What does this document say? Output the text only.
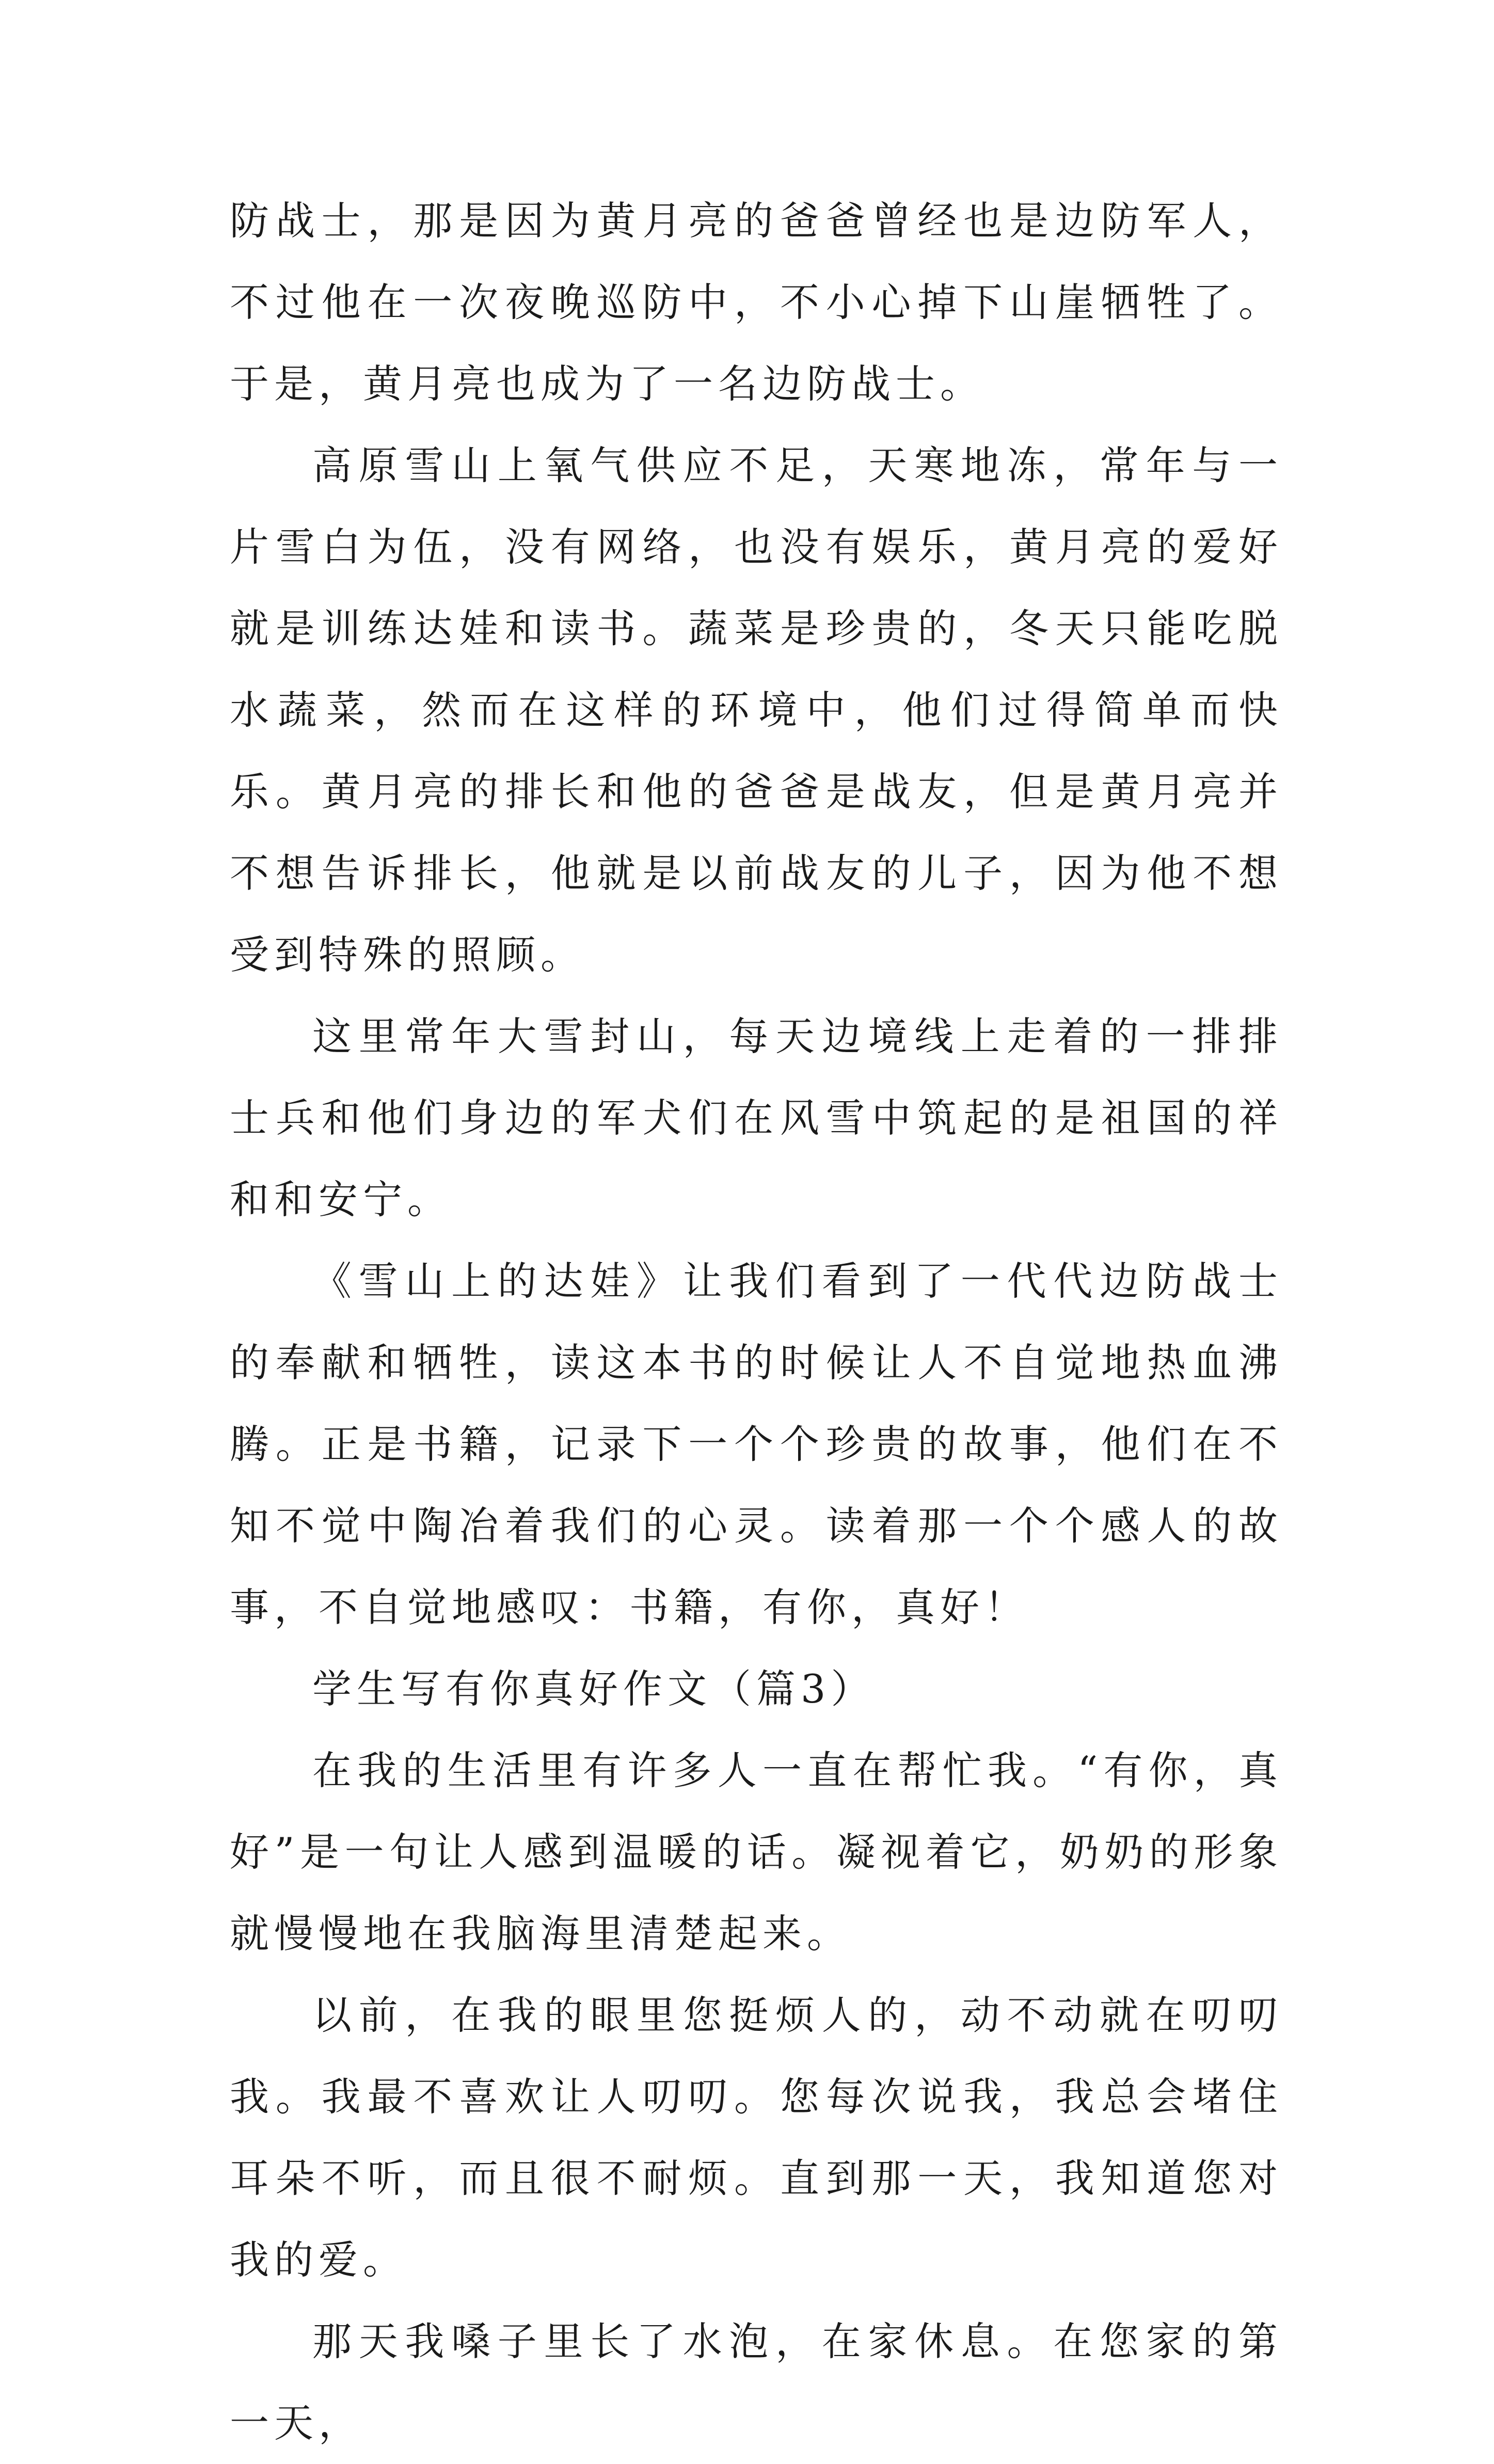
防战士，那是因为黄月亮的爸爸曾经也是边防军人，不过他在一次夜晚巡防中，不小心掉下山崖牺牲了。于是，黄月亮也成为了一名边防战士。

高原雪山上氧气供应不足，天寒地冻，常年与一片雪白为伍，没有网络，也没有娱乐，黄月亮的爱好就是训练达娃和读书。蔬菜是珍贵的，冬天只能吃脱水蔬菜，然而在这样的环境中，他们过得简单而快乐。黄月亮的排长和他的爸爸是战友，但是黄月亮并不想告诉排长，他就是以前战友的儿子，因为他不想受到特殊的照顾。

这里常年大雪封山，每天边境线上走着的一排排士兵和他们身边的军犬们在风雪中筑起的是祖国的祥和和安宁。

《雪山上的达娃》让我们看到了一代代边防战士的奉献和牺牲，读这本书的时候让人不自觉地热血沸腾。正是书籍，记录下一个个珍贵的故事，他们在不知不觉中陶冶着我们的心灵。读着那一个个感人的故事，不自觉地感叹：书籍，有你，真好！

学生写有你真好作文（篇3）

在我的生活里有许多人一直在帮忙我。“有你，真好”是一句让人感到温暖的话。凝视着它，奶奶的形象就慢慢地在我脑海里清楚起来。

以前，在我的眼里您挺烦人的，动不动就在叨叨我。我最不喜欢让人叨叨。您每次说我，我总会堵住耳朵不听，而且很不耐烦。直到那一天，我知道您对我的爱。

那天我嗓子里长了水泡，在家休息。在您家的第一天，
